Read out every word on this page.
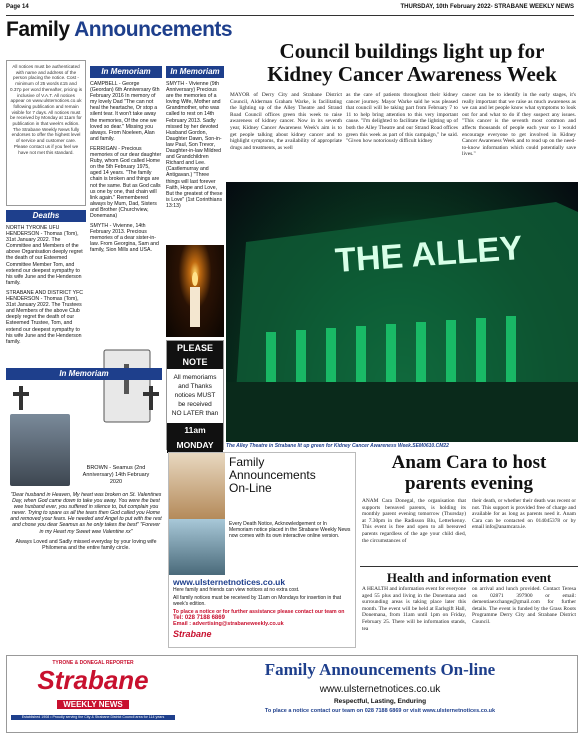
Page 14	THURSDAY, 10th February 2022- STRABANE WEEKLY NEWS
Family Announcements
All notices must be authenticated with name and address of the person placing the notice. Cost - minimum of 25 words £15 and 0.37p per word thereafter, pricing is inclusive of V.A.T. All notices appear on www.ulsternotices.co.uk following publication and remain visible for 7 days. All notices must be received by Monday at 11am for publication in that week's edition. The Strabane Weekly News fully endorses to offer the highest level of service and customer care. Please contact us if you feel we have not met this standard.
Deaths

NORTH TYRONE UFU HENDERSON - Thomas (Tom), 31st January 2022. The Committee and Members of the above Organisation deeply regret the death of our Esteemed Committee Member Tom, and extend our deepest sympathy to his wife June and the Henderson family.

STRABANE AND DISTRICT YFC HENDERSON - Thomas (Tom), 31st January 2022. The Trustees and Members of the above Club deeply regret the death of our Esteemed Trustee, Tom, and extend our deepest sympathy to his wife June and the Henderson family.

In Memoriam

CAMPBELL - George (Geordan) 6th Anniversary 6th February 2016 In memory of my lovely Dad "The can not heal the heartache, Or stop a silent tear. It won't take away the memories, Of the one we loved so dear." Missing you always. From Noeleen, Alan and family.

FERRIGAN - Precious memories of our dear daughter Ruby, whom God called Home on the 5th February 1975, aged 14 years. "The family chain is broken and things are not the same. But as God calls us one by one, that chain will link again." Remembered always by Mum, Dad, Sisters and Brother (Churchview, Donemana)

SMYTH - Vivienne, 14th February 2013. Precious memories of a dear sister-in-law. From Georgina, Sam and family, Sion Mills and USA.

In Memoriam

SMYTH - Vivienne (9th Anniversary) Precious are the memories of a loving Wife, Mother and Grandmother, who was called to rest on 14th February 2013. Sadly missed by her devoted Husband Gordon, Daughter Dawn, Son-in-law Paul, Son Trevor, Daughter-in-law Mildred and Grandchildren Richard and Lee. (Castlemurray and Antigavan.) "Three things will last forever Faith, Hope and Love, But the greatest of these is Love" (1st Corinthians 13:13)

PLEASE NOTE
All memoriams
and Thanks
notices MUST
be received
NO LATER than
11am MONDAY
In Memoriam
BROWN - Seamus (2nd Anniversary) 14th February 2020
"Dear husband in Heaven, My heart was broken on St. Valentines Day, when God came down to take you away. You were the best wee husband ever, you suffered in silence to, but complain you never. Trying to spare us all the tears then God called you Home and removed your fears. He needed and Angel to put with the rest and chose you dear Seamus as he only takes the best" "Forever in my Heart my Sweet wee Valentine xx"
Always Loved and Sadly missed everyday by your loving wife Philomena and the entire family circle.
Council buildings light up for
Kidney Cancer Awareness Week
MAYOR of Derry City and Strabane District Council, Alderman Graham Warke, is facilitating the lighting up of the Alley Theatre and Strand Road Council offices green this week to raise awareness of kidney cancer. Now in its seventh year, Kidney Cancer Awareness Week's aim is to get people talking about kidney cancer and to highlight symptoms, the availability of appropriate drugs and treatments, as well
as the care of patients throughout their kidney cancer journey. Mayor Warke said he was pleased that council will be taking part from February 7 to 11 to help bring attention to this very important cause. "I'm delighted to facilitate the lighting up of both the Alley Theatre and our Strand Road offices green this week as part of this campaign," he said. "Given how notoriously difficult kidney
cancer can be to identify in the early stages, it's really important that we raise as much awareness as we can and let people know what symptoms to look out for and what to do if they suspect any issues. "This cancer is the seventh most common and affects thousands of people each year so I would encourage everyone to get involved in Kidney Cancer Awareness Week and to read up on the need-to-know information which could potentially save lives."
THE ALLEY
The Alley Theatre in Strabane lit up green for Kidney Cancer Awareness Week.SEM0610.CM22
Family
Announcements
On-Line
Every Death Notice, Acknowledgement or In Memoriam notice placed in the Strabane Weekly News now comes with its own interactive online version.
www.ulsternetnotices.co.uk
Here family and friends can view notices at no extra cost.
All family notices must be received by 11am on Mondays for insertion in that week's edition.
To place a notice or for further assistance please contact our team on
Tel: 028 7188 6869
Email : advertising@strabaneweekly.co.uk
Strabane
Anam Cara to host
parents evening
ANAM Cara Donegal, the organisation that supports bereaved parents, is holding its monthly parent evening tomorrow (Thursday) at 7.30pm in the Radisson Blu, Letterkenny. This event is free and open to all bereaved parents regardless of the age your child died, the circumstances of
their death, or whether their death was recent or not. This support is provided free of charge and available for as long as parents need it. Anam Cara can be contacted on 014045378 or by email info@anamcara.ie.
Health and information event
A HEALTH and information event for everyone aged 55 plus and living in the Donemana and surrounding areas is taking place later this month. The event will be held at Earlsgift Hall, Donemana, from 11am until 1pm on Friday, February 25. There will be information stands, tea
on arrival and lunch provided. Contact Teresa on 02871 397900 or email: dementiaexchange@gmail.com for further details. The event is funded by the Grass Roots Programme Derry City and Strabane District Council.
TYRONE & DONEGAL REPORTER
Strabane
WEEKLY NEWS
Established 1908 • Proudly serving the City & Strabane District Council area for 114 years
Family Announcements On-line
www.ulsternetnotices.co.uk
Respectful, Lasting, Enduring
To place a notice contact our team on 028 7188 6869 or visit www.ulsternetnotices.co.uk
